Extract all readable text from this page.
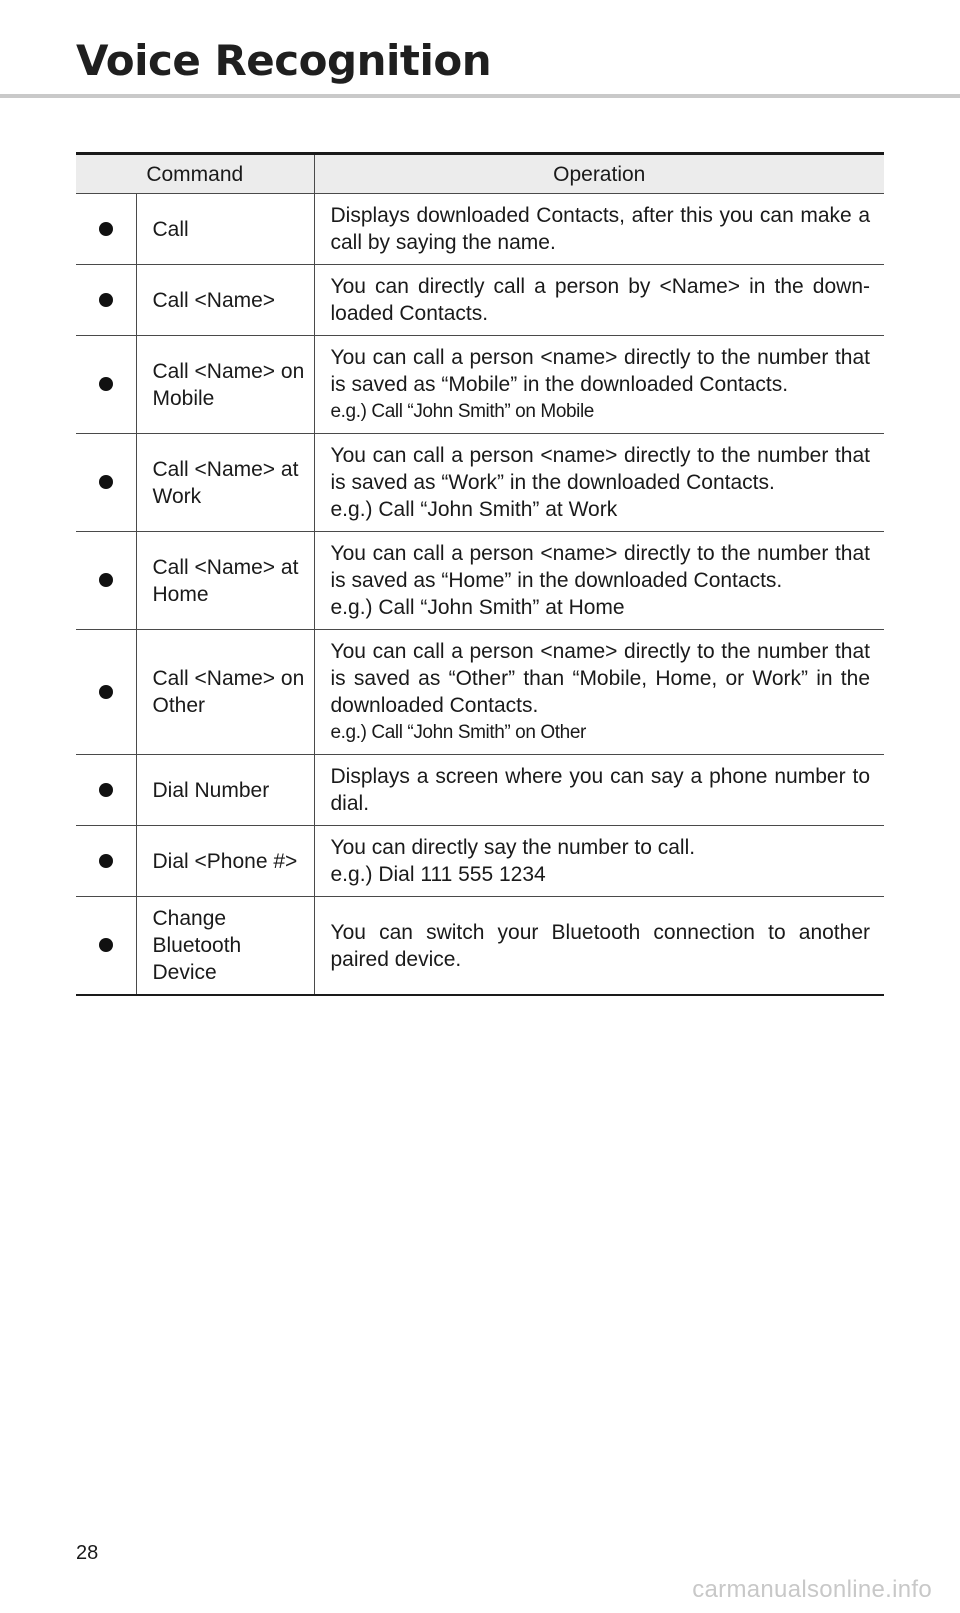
Voice Recognition
Command		Operation
	Call	Displays downloaded Contacts, after this you can make a call by saying the name.

	Call <Name>	You can directly call a person by <Name> in the down-loaded Contacts.

	Call <Name> on Mobile	You can call a person <name> directly to the number that is saved as “Mobile” in the downloaded Contacts.
e.g.) Call “John Smith” on Mobile

	Call <Name> at Work	You can call a person <name> directly to the number that is saved as “Work” in the downloaded Contacts.
e.g.) Call “John Smith” at Work

	Call <Name> at Home	You can call a person <name> directly to the number that is saved as “Home” in the downloaded Contacts.
e.g.) Call “John Smith” at Home

	Call <Name> on Other	You can call a person <name> directly to the number that is saved as “Other” than “Mobile, Home, or Work” in the downloaded Contacts.
e.g.) Call “John Smith” on Other

	Dial Number	Displays a screen where you can say a phone number to dial.

	Dial <Phone #>	You can directly say the number to call.
e.g.) Dial 111 555 1234

	Change Bluetooth Device	You can switch your Bluetooth connection to another paired device.
28
carmanualsonline.info
